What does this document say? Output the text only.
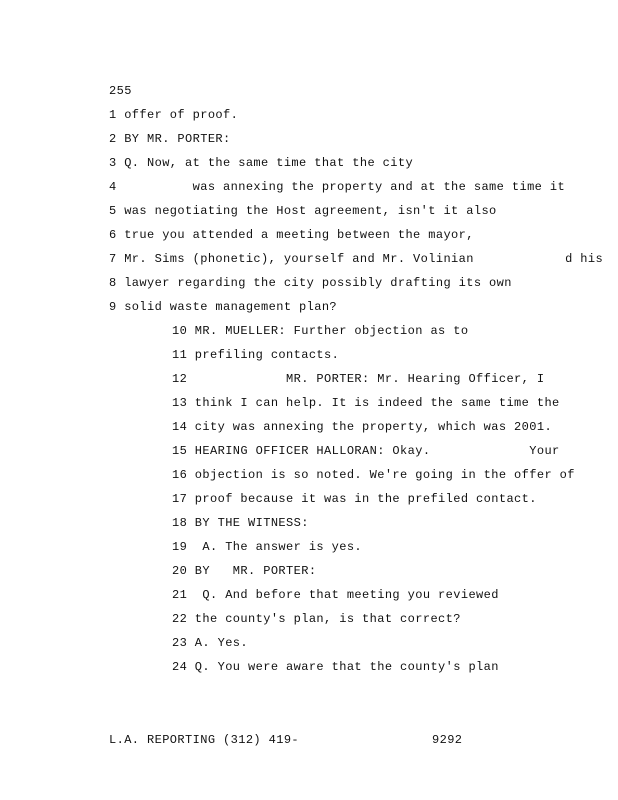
255
1 offer of proof.
2 BY MR. PORTER:
3 Q. Now, at the same time that the city
4          was annexing the property and at the same time it
5 was negotiating the Host agreement, isn't it also
6 true you attended a meeting between the mayor,
7 Mr. Sims (phonetic), yourself and Mr. Volinian            d his
8 lawyer regarding the city possibly drafting its own
9 solid waste management plan?
10 MR. MUELLER: Further objection as to
11 prefiling contacts.
12             MR. PORTER: Mr. Hearing Officer, I
13 think I can help. It is indeed the same time the
14 city was annexing the property, which was 2001.
15 HEARING OFFICER HALLORAN: Okay.             Your
16 objection is so noted. We're going in the offer of
17 proof because it was in the prefiled contact.
18 BY THE WITNESS:
19  A. The answer is yes.
20 BY   MR. PORTER:
21  Q. And before that meeting you reviewed
22 the county's plan, is that correct?
23 A. Yes.
24 Q. You were aware that the county's plan
L.A. REPORTING (312) 419-	9292
